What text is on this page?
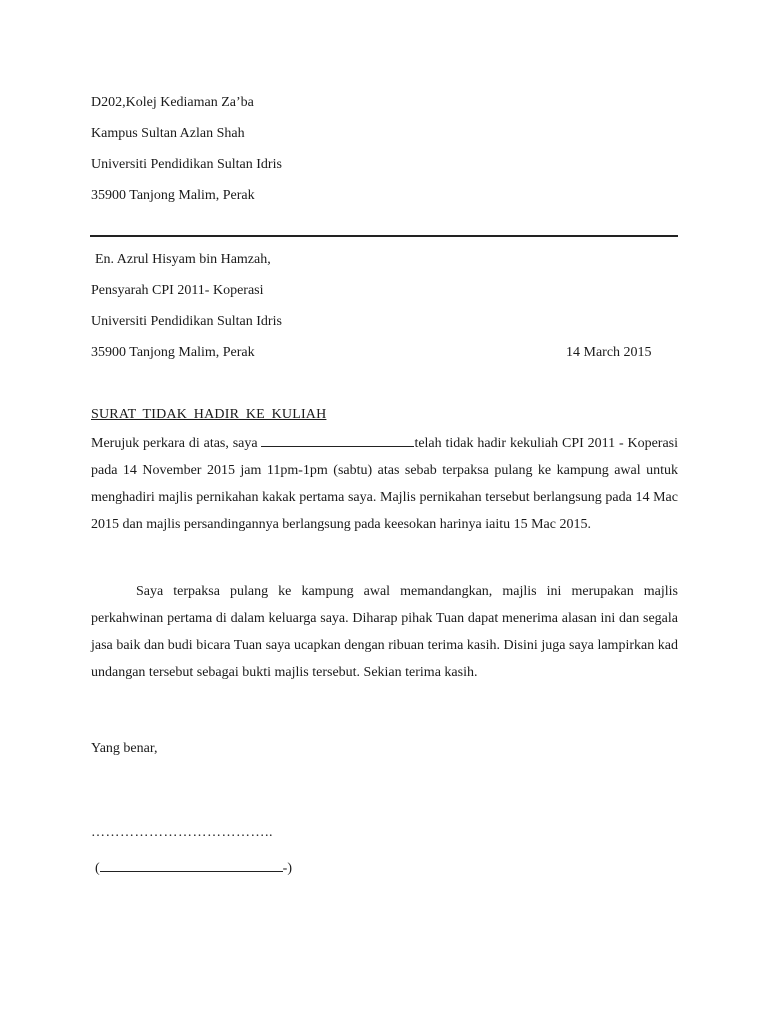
D202,Kolej Kediaman Za’ba
Kampus Sultan Azlan Shah
Universiti Pendidikan Sultan Idris
35900 Tanjong Malim, Perak
En. Azrul Hisyam bin Hamzah,
Pensyarah CPI 2011- Koperasi
Universiti Pendidikan Sultan Idris
35900 Tanjong Malim, Perak	14 March 2015
SURAT TIDAK HADIR KE KULIAH
Merujuk perkara di atas, saya	telah tidak hadir kekuliah CPI 2011 - Koperasi pada 14 November 2015 jam 11pm-1pm (sabtu) atas sebab terpaksa pulang ke kampung awal untuk menghadiri majlis pernikahan kakak pertama saya. Majlis pernikahan tersebut berlangsung pada 14 Mac 2015 dan majlis persandingannya berlangsung pada keesokan harinya iaitu 15 Mac 2015.
Saya terpaksa pulang ke kampung awal memandangkan, majlis ini merupakan majlis perkahwinan pertama di dalam keluarga saya. Diharap pihak Tuan dapat menerima alasan ini dan segala jasa baik dan budi bicara Tuan saya ucapkan dengan ribuan terima kasih. Disini juga saya lampirkan kad undangan tersebut sebagai bukti majlis tersebut. Sekian terima kasih.
Yang benar,
………………………………..
(	-)
